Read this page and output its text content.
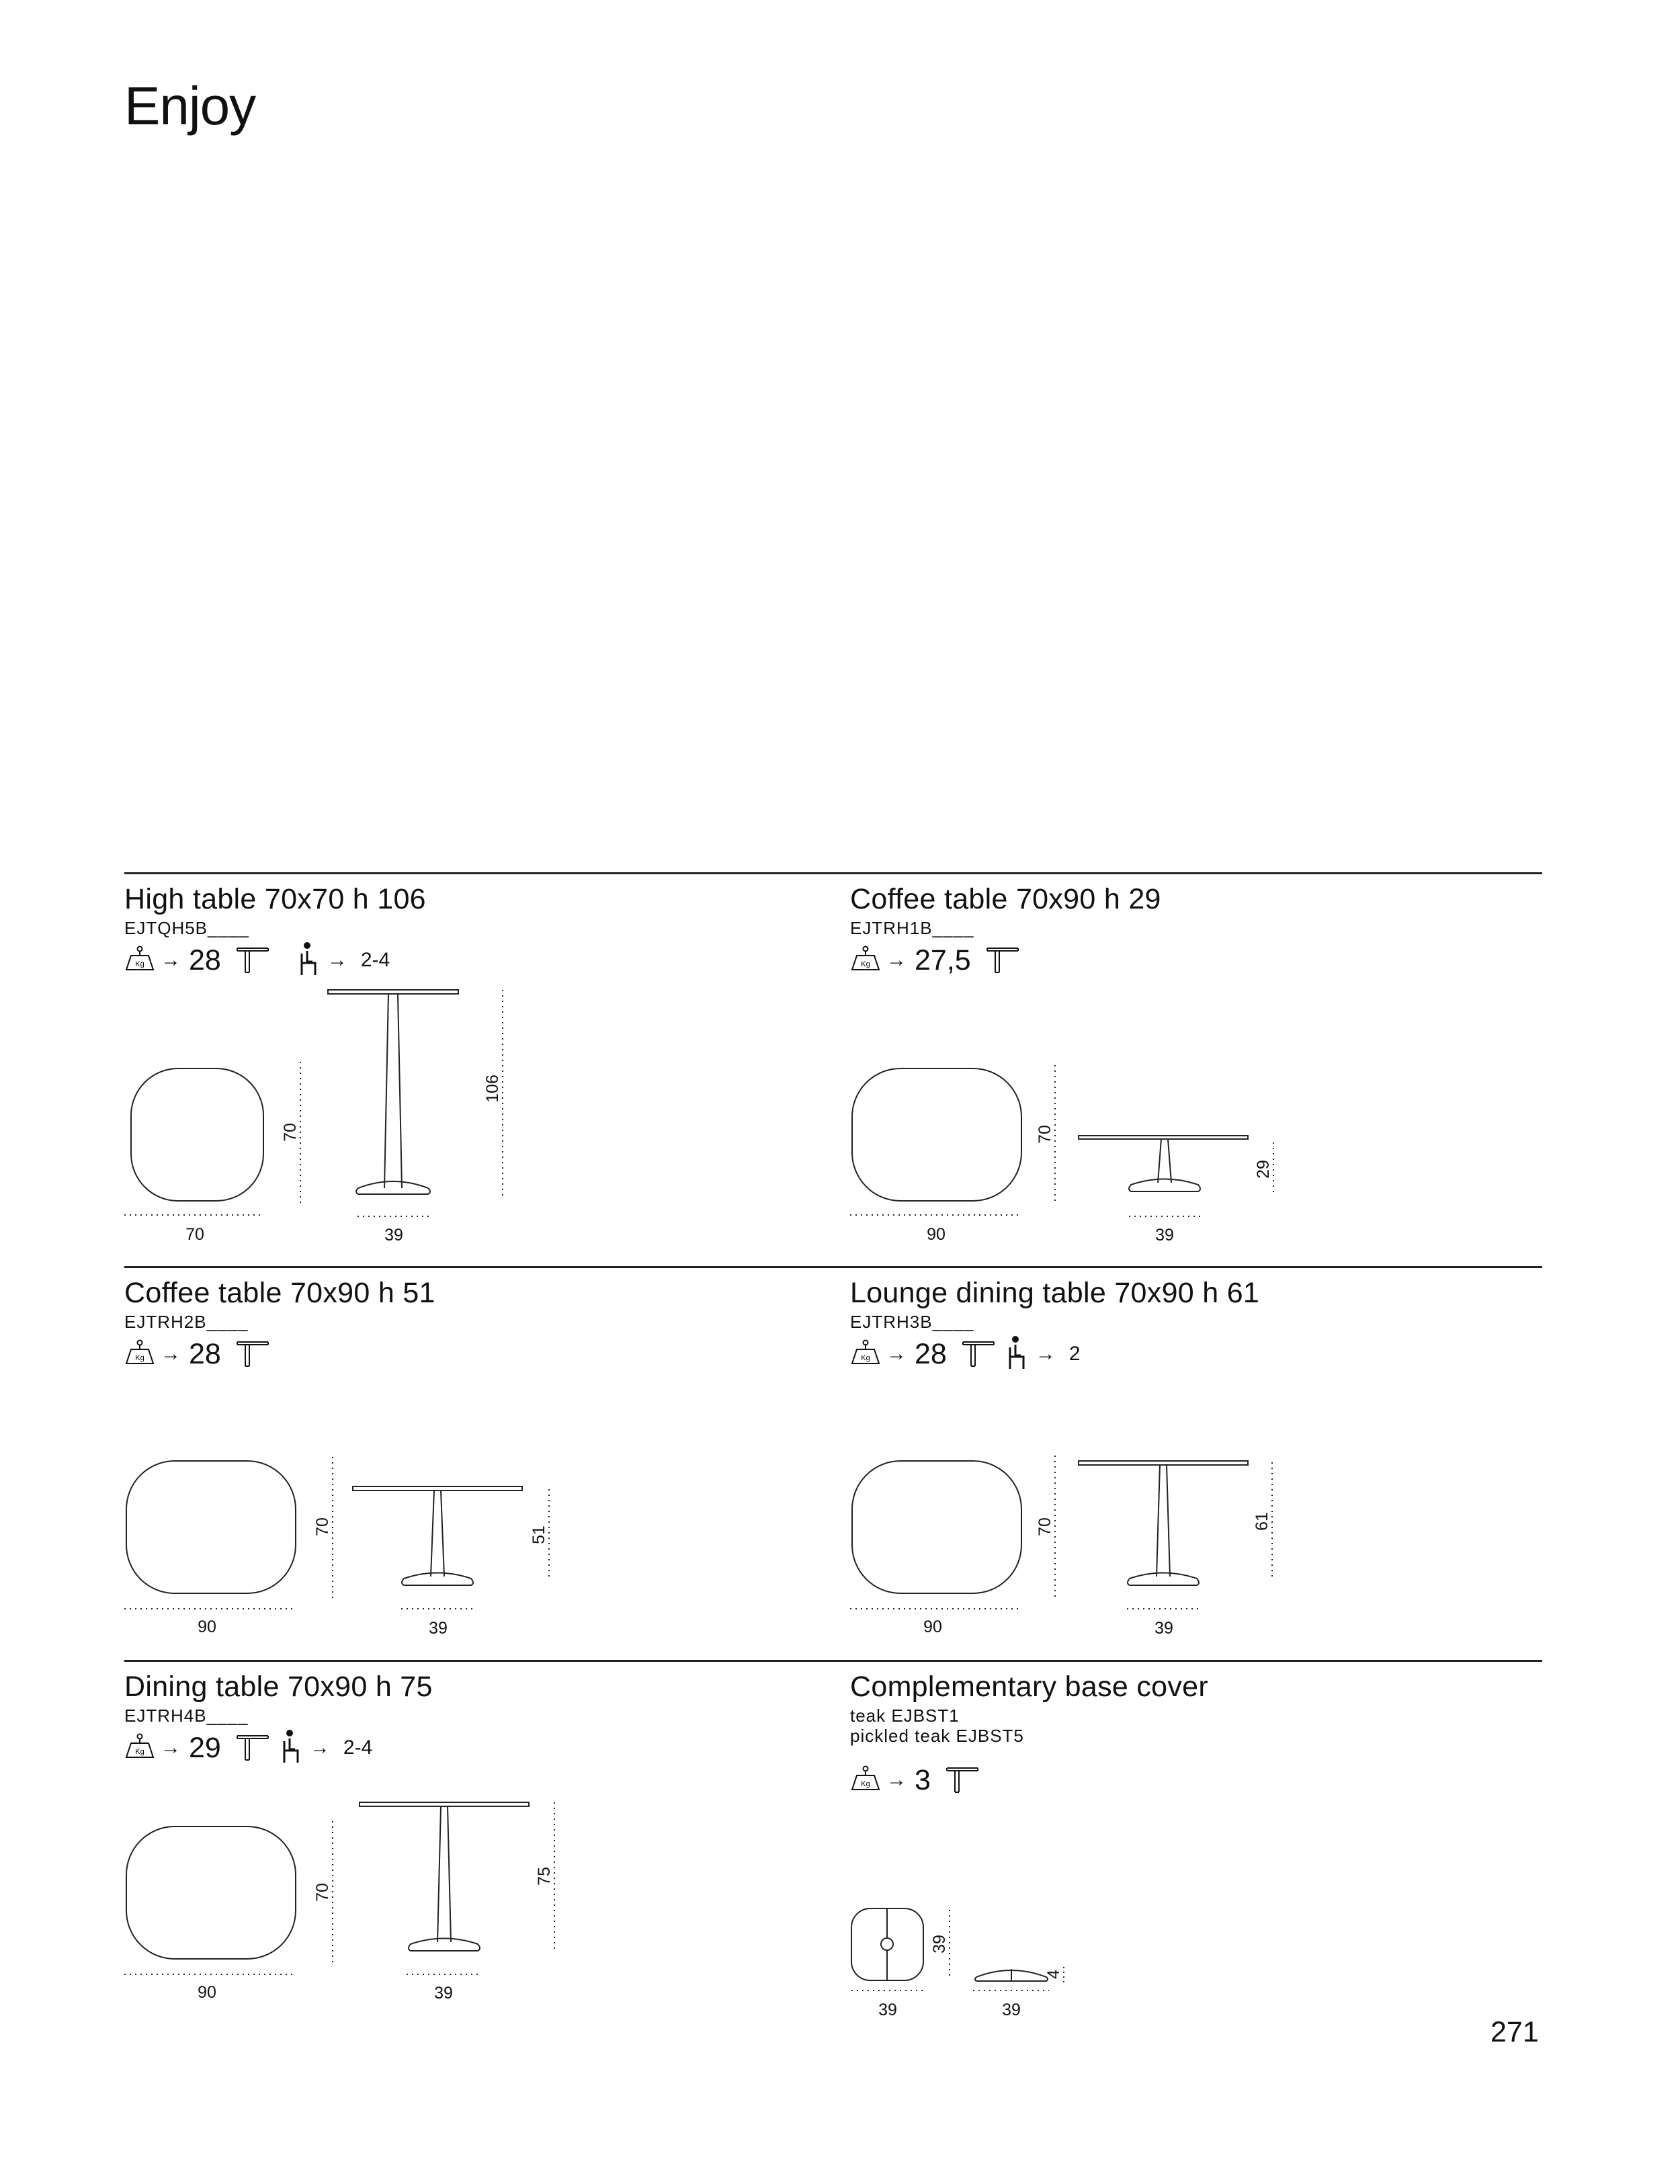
Enjoy
High table 70x70 h 106
EJTQH5B____
Kg → 28	→ 2-4
70
70
106
39
Coffee table 70x90 h 29
EJTRH1B____
Kg → 27,5
70
90
29
39
Coffee table 70x90 h 51
EJTRH2B____
Kg → 28
70
90
51
39
Lounge dining table 70x90 h 61
EJTRH3B____
Kg → 28	→ 2
70
90
61
39
Dining table 70x90 h 75
EJTRH4B____
Kg → 29	→ 2-4
70
90
75
39
Complementary base cover
teak EJBST1
pickled teak EJBST5
Kg → 3
39
39
4
39
271
